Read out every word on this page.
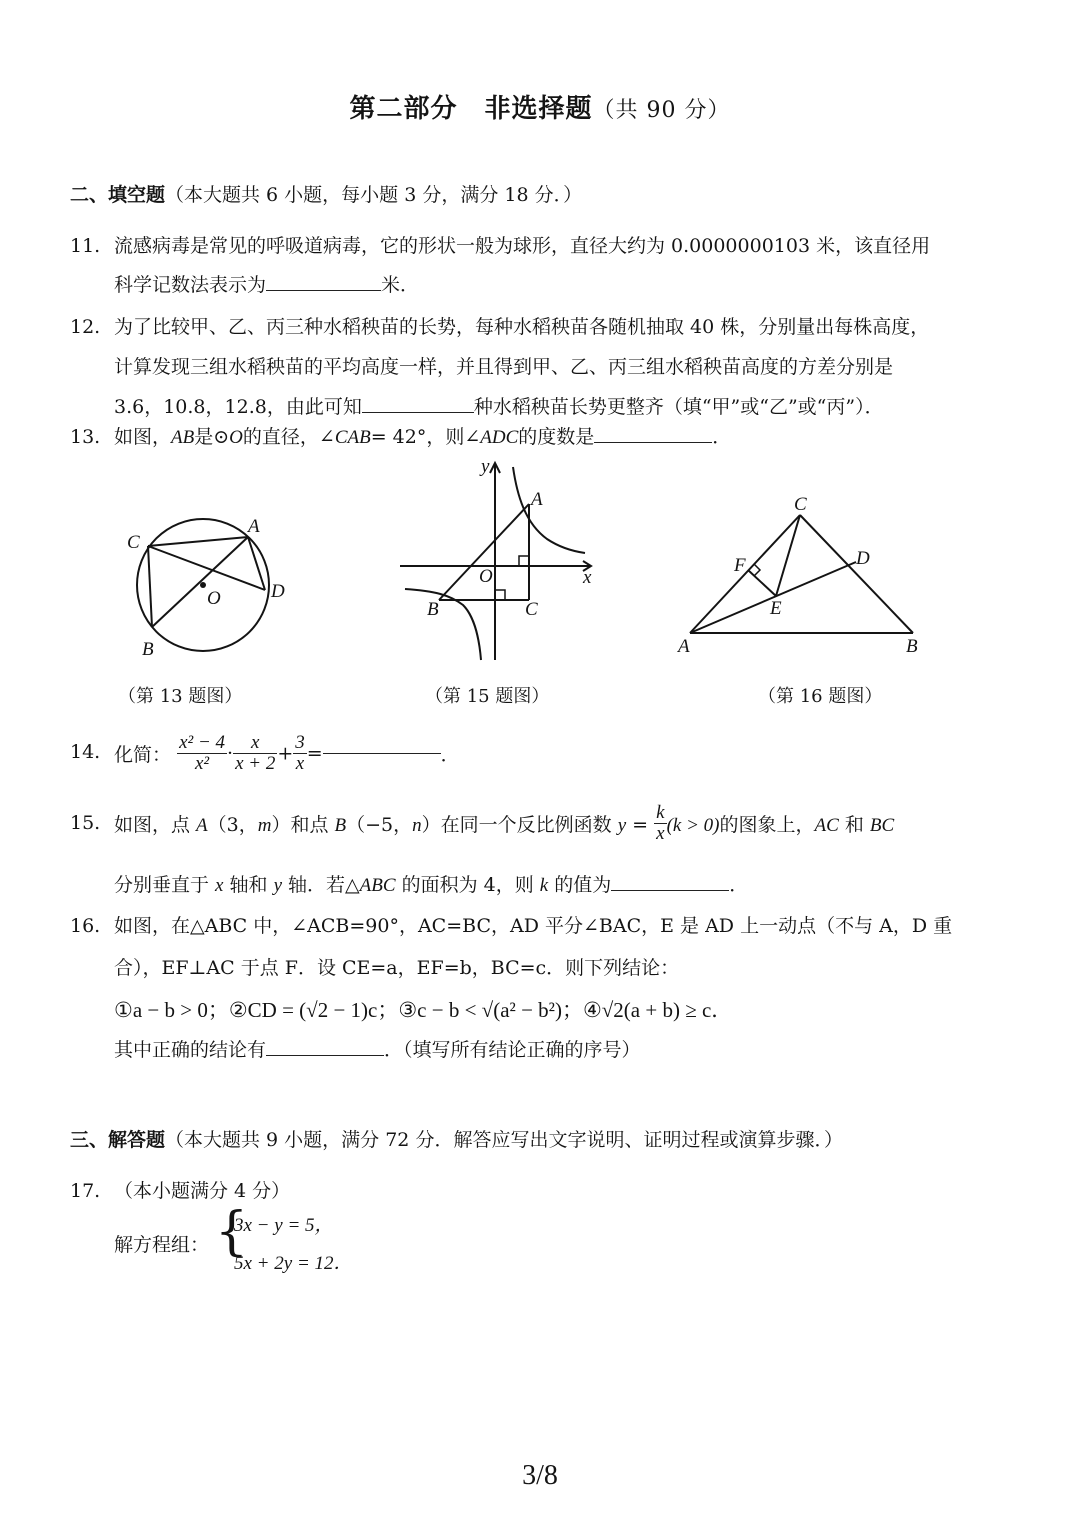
第二部分　非选择题（共 90 分）
二、填空题（本大题共 6 小题，每小题 3 分，满分 18 分．）
11. 流感病毒是常见的呼吸道病毒，它的形状一般为球形，直径大约为 0.0000000103 米，该直径用
科学记数法表示为	米．
12. 为了比较甲、乙、丙三种水稻秧苗的长势，每种水稻秧苗各随机抽取 40 株，分别量出每株高度，
计算发现三组水稻秧苗的平均高度一样，并且得到甲、乙、丙三组水稻秧苗高度的方差分别是
3.6，10.8，12.8，由此可知	种水稻秧苗长势更整齐（填“甲”或“乙”或“丙”）．
13. 如图，AB是⊙O的直径，∠CAB= 42°，则∠ADC的度数是	．
C
A
D
O
B
（第 13 题图）
y
A
O	x
B	C
（第 15 题图）
C
F	D
E
A	B
（第 16 题图）
14. 化简： $\frac{\text{x² − 4}}{\text{x²}} \cdot \frac{x}{x + 2} + \frac{3}{x}$ =	．
15. 如图，点 A（3，m）和点 B（−5，n）在同一个反比例函数 $y = \frac{k}{x} (k > 0)$的图象上，AC 和 BC
分别垂直于 x 轴和 y 轴．若△ABC 的面积为 4，则 k 的值为	．
16. 如图，在△ABC 中，∠ACB=90°，AC=BC，AD 平分∠BAC，E 是 AD 上一动点（不与 A，D 重
合），EF⊥AC 于点 F．设 CE=a，EF=b，BC=c．则下列结论：
①a − b > 0；②CD = (√2 − 1)c；③c − b < √(a² − b²)；④√2(a + b) ≥ c．
其中正确的结论有	．（填写所有结论正确的序号）
三、解答题（本大题共 9 小题，满分 72 分．解答应写出文字说明、证明过程或演算步骤．）
17. （本小题满分 4 分）
解方程组： {
3x − y = 5，
5x + 2y = 12．
3/8
